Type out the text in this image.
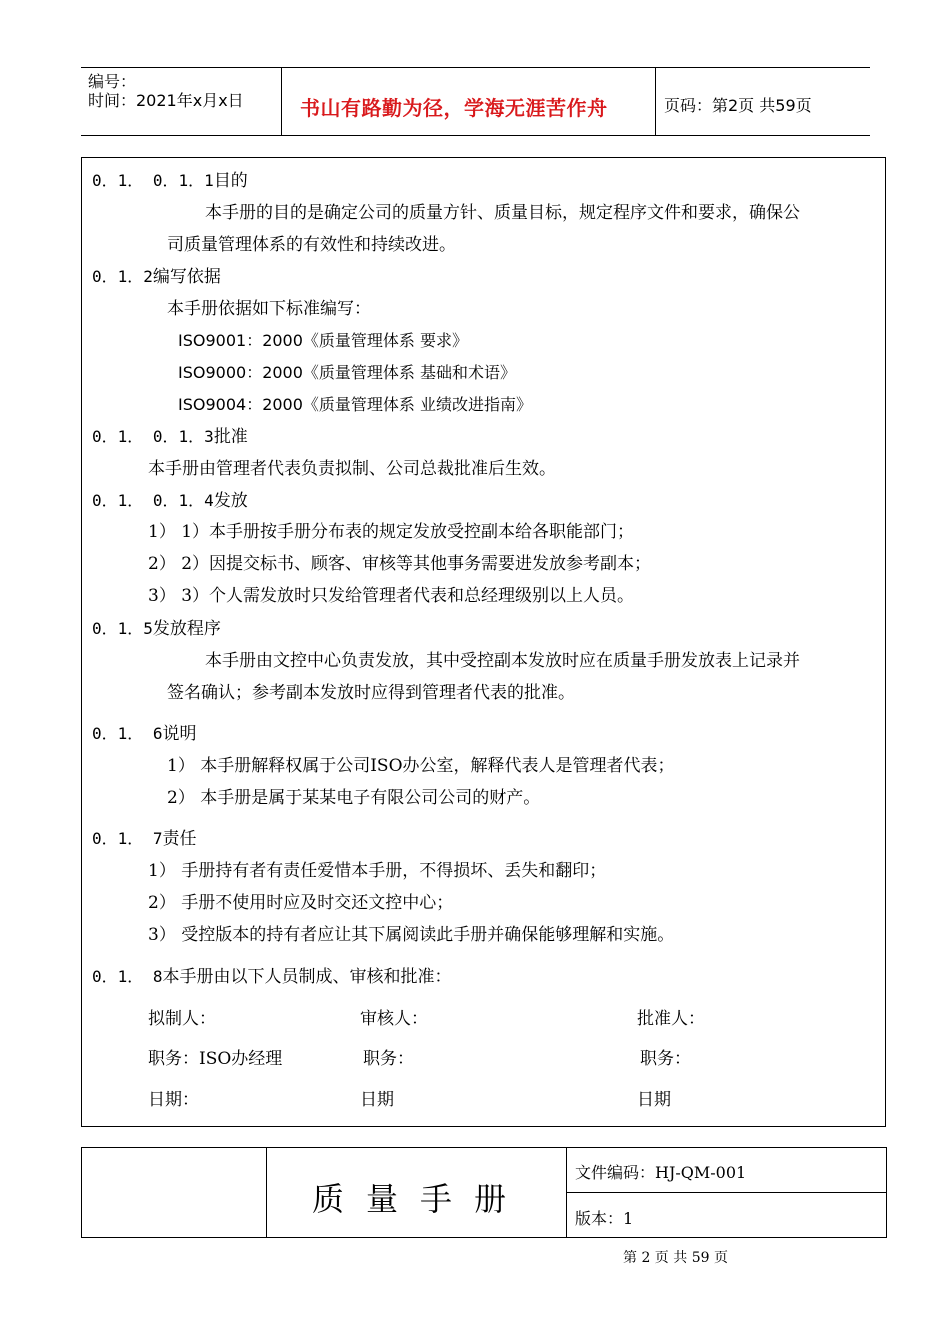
编号：
时间：2021年x月x日	书山有路勤为径，学海无涯苦作舟	页码：第2页 共59页
0．1． 0．1．1目的
本手册的目的是确定公司的质量方针、质量目标，规定程序文件和要求，确保公
司质量管理体系的有效性和持续改进。
0．1．2编写依据
本手册依据如下标准编写：
ISO9001：2000《质量管理体系 要求》
ISO9000：2000《质量管理体系 基础和术语》
ISO9004：2000《质量管理体系 业绩改进指南》
0．1． 0．1．3批准
本手册由管理者代表负责拟制、公司总裁批准后生效。
0．1． 0．1．4发放
1） 1）本手册按手册分布表的规定发放受控副本给各职能部门；
2） 2）因提交标书、顾客、审核等其他事务需要进发放参考副本；
3） 3）个人需发放时只发给管理者代表和总经理级别以上人员。
0．1．5发放程序
本手册由文控中心负责发放，其中受控副本发放时应在质量手册发放表上记录并
签名确认；参考副本发放时应得到管理者代表的批准。
0．1． 6说明
1） 本手册解释权属于公司ISO办公室，解释代表人是管理者代表；
2） 本手册是属于某某电子有限公司公司的财产。
0．1． 7责任
1） 手册持有者有责任爱惜本手册，不得损坏、丢失和翻印；
2） 手册不使用时应及时交还文控中心；
3） 受控版本的持有者应让其下属阅读此手册并确保能够理解和实施。
0．1． 8本手册由以下人员制成、审核和批准：
拟制人：	审核人：	批准人：
职务：ISO办经理	职务：	职务：
日期：	日期	日期
质量手册
文件编码：HJ-QM-001
版本：1
第 2 页 共 59 页
